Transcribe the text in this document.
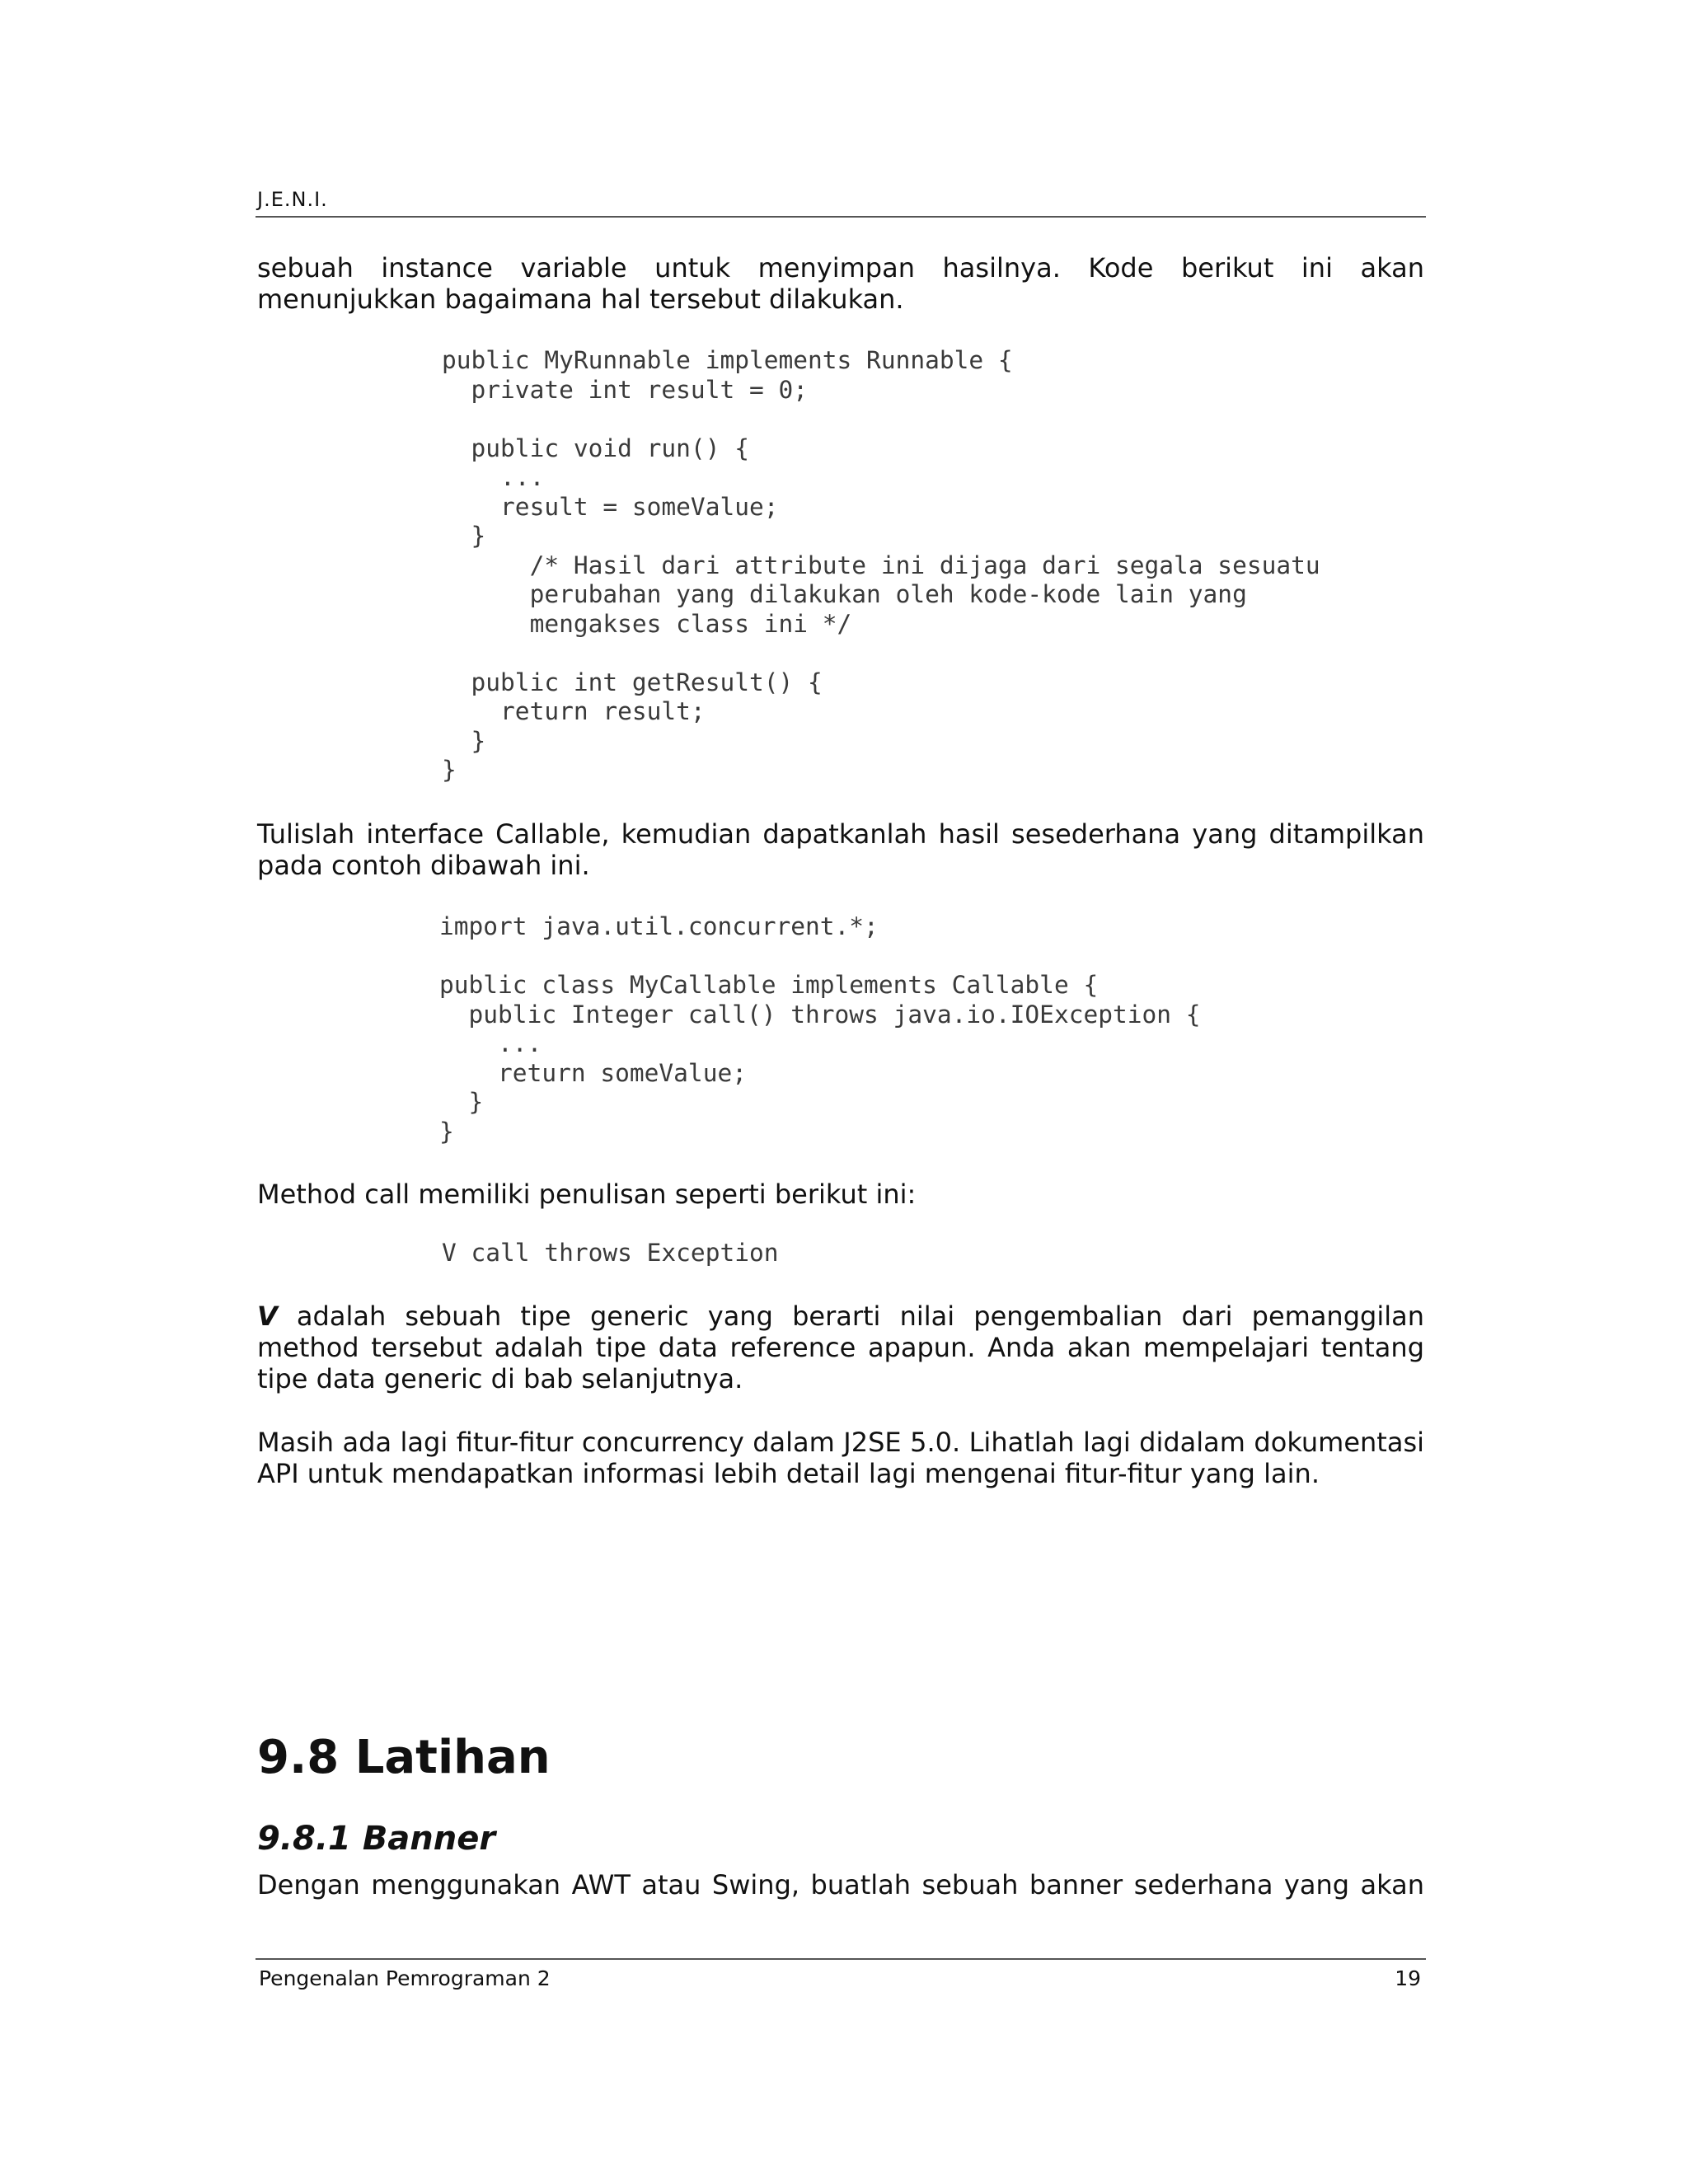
J.E.N.I.

sebuah instance variable untuk menyimpan hasilnya. Kode berikut ini akan menunjukkan bagaimana hal tersebut dilakukan.

public MyRunnable implements Runnable {
private int result = 0;

public void run() {
...
result = someValue;
}
/* Hasil dari attribute ini dijaga dari segala sesuatu
perubahan yang dilakukan oleh kode-kode lain yang
mengakses class ini */

public int getResult() {
return result;
}
}

Tulislah interface Callable, kemudian dapatkanlah hasil sesederhana yang ditampilkan pada contoh dibawah ini.

import java.util.concurrent.*;

public class MyCallable implements Callable {
public Integer call() throws java.io.IOException {
...
return someValue;
}
}

Method call memiliki penulisan seperti berikut ini:

V call throws Exception

V adalah sebuah tipe generic yang berarti nilai pengembalian dari pemanggilan method tersebut adalah tipe data reference apapun. Anda akan mempelajari tentang tipe data generic di bab selanjutnya.

Masih ada lagi fitur-fitur concurrency dalam J2SE 5.0. Lihatlah lagi didalam dokumentasi API untuk mendapatkan informasi lebih detail lagi mengenai fitur-fitur yang lain.

9.8 Latihan
9.8.1 Banner

Dengan menggunakan AWT atau Swing, buatlah sebuah banner sederhana yang akan

Pengenalan Pemrograman 2	19
